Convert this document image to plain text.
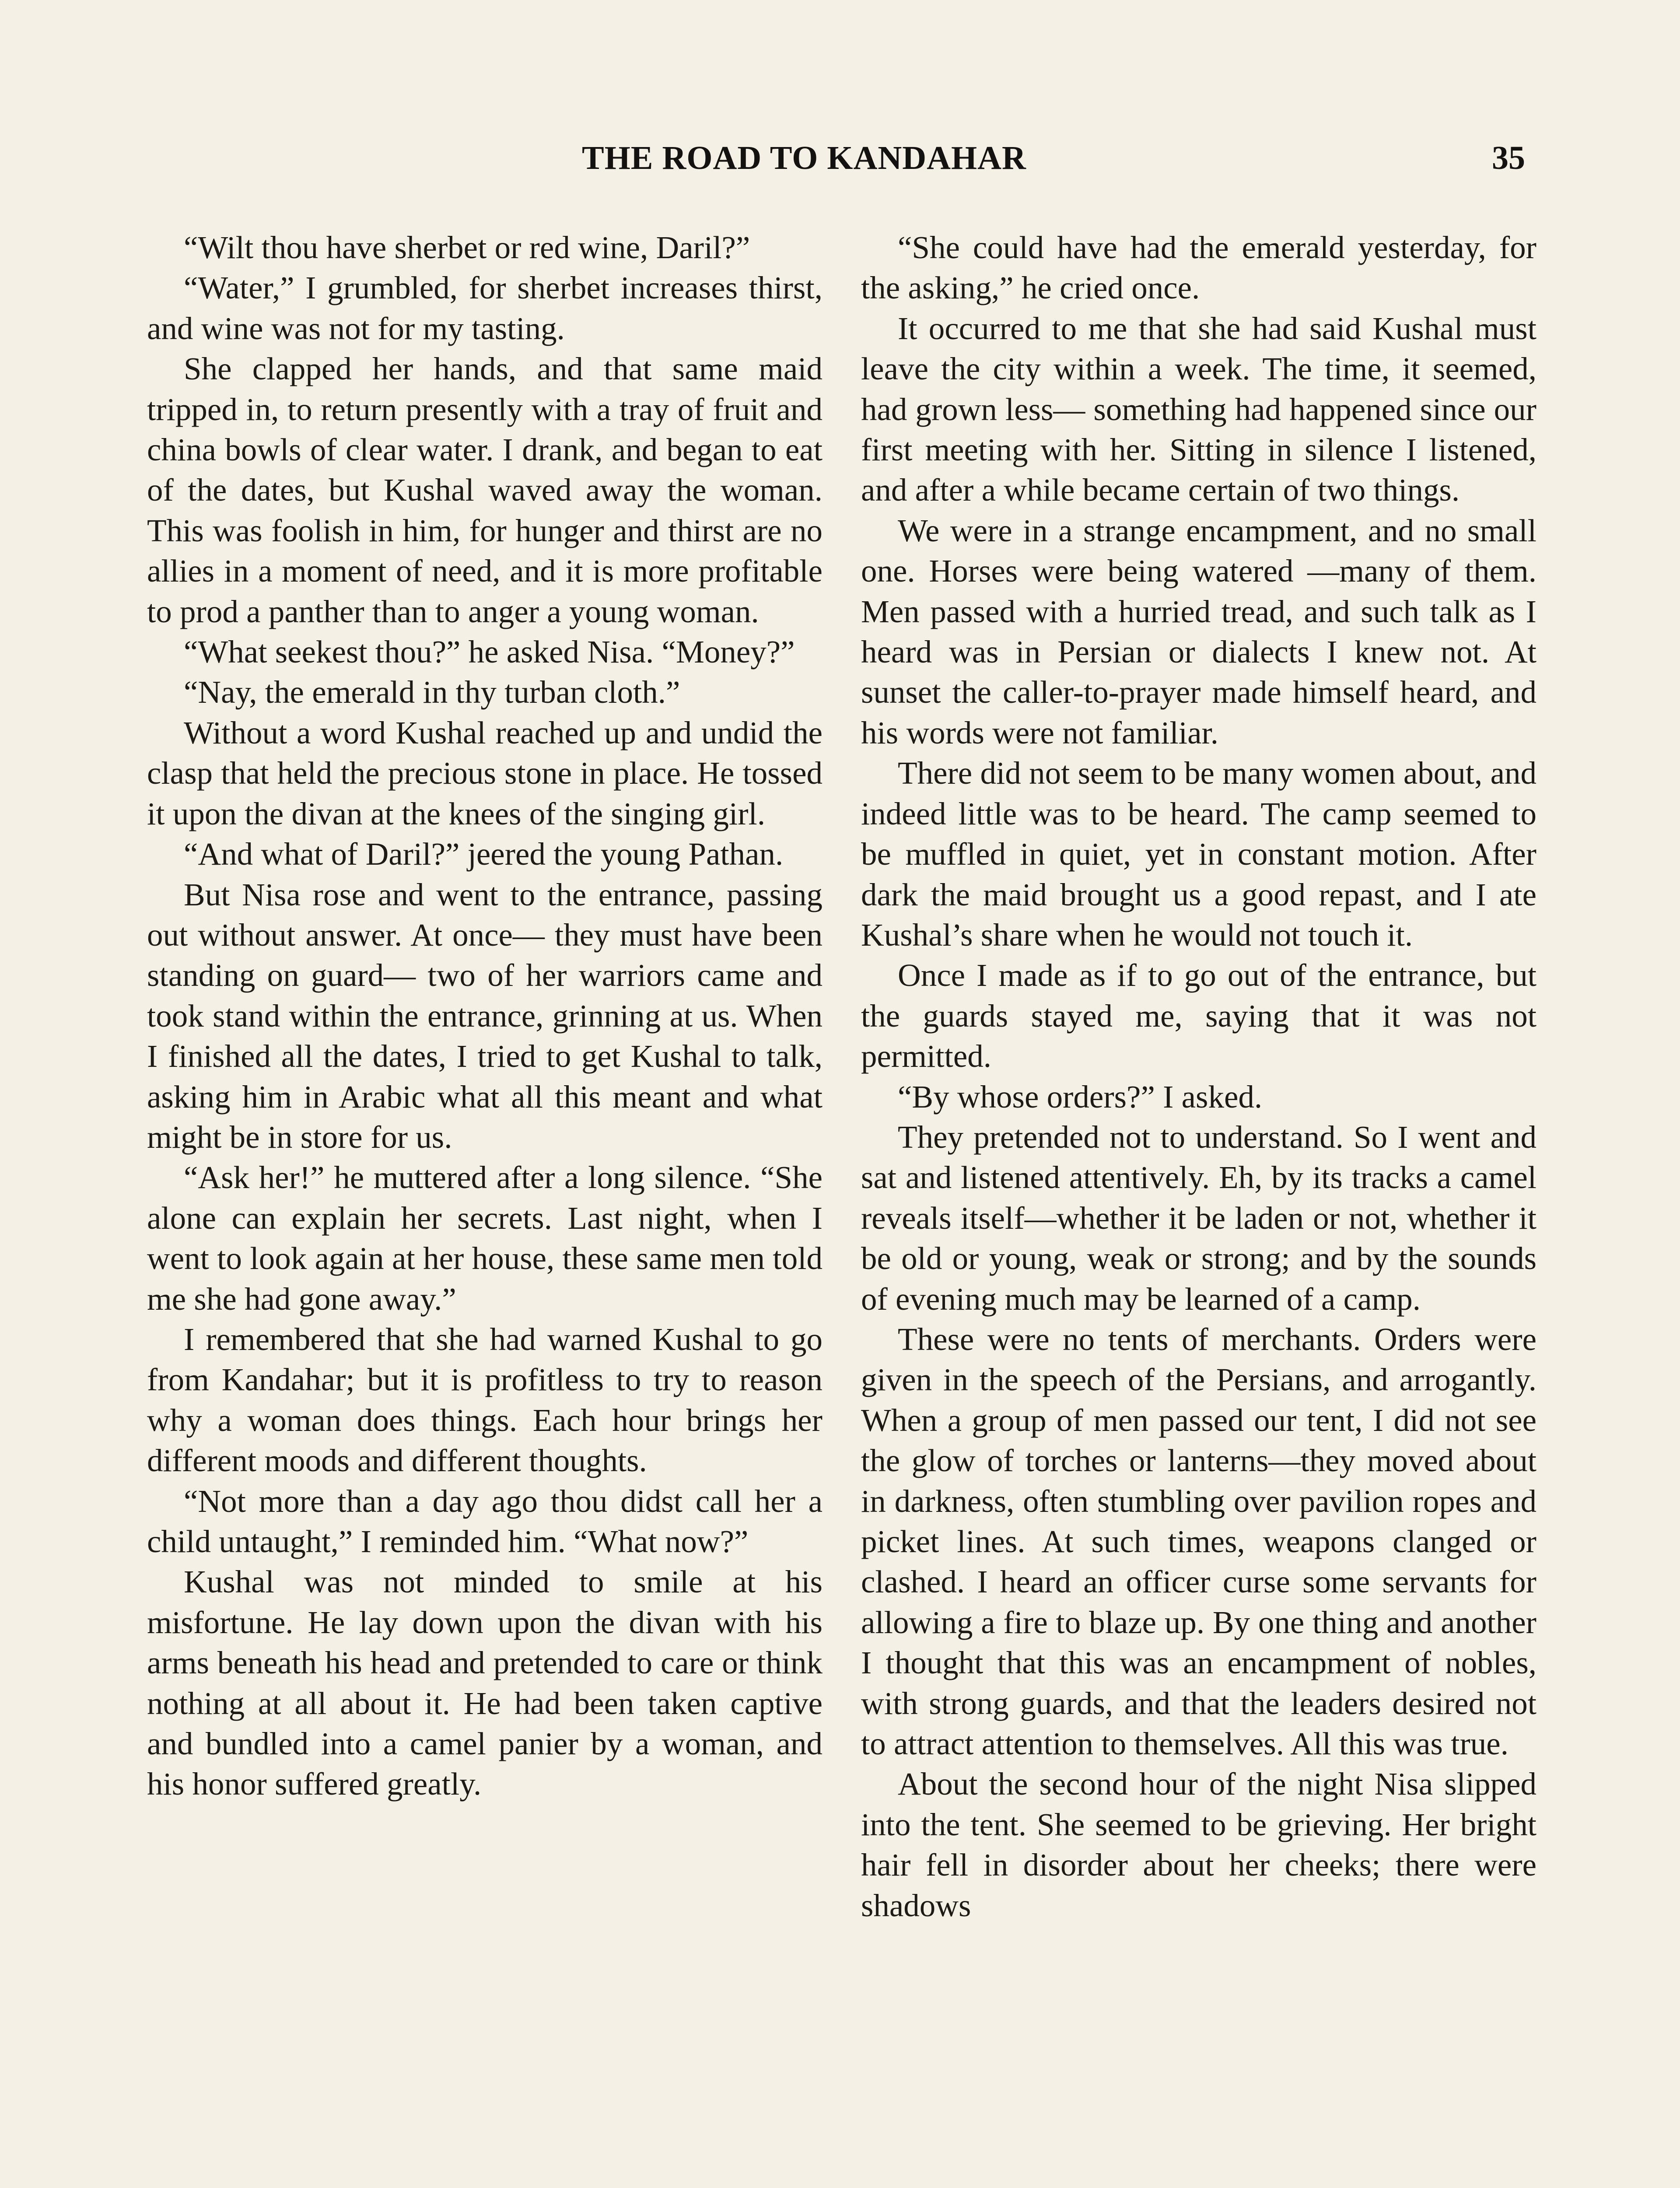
THE ROAD TO KANDAHAR	35

“Wilt thou have sherbet or red wine, Daril?”

“Water,” I grumbled, for sherbet increases thirst, and wine was not for my tasting.

She clapped her hands, and that same maid tripped in, to return presently with a tray of fruit and china bowls of clear water. I drank, and began to eat of the dates, but Kushal waved away the woman. This was foolish in him, for hunger and thirst are no allies in a moment of need, and it is more profitable to prod a panther than to anger a young woman.

“What seekest thou?” he asked Nisa. “Money?”

“Nay, the emerald in thy turban cloth.”

Without a word Kushal reached up and undid the clasp that held the precious stone in place. He tossed it upon the divan at the knees of the singing girl.

“And what of Daril?” jeered the young Pathan.

But Nisa rose and went to the entrance, passing out without answer. At once— they must have been standing on guard— two of her warriors came and took stand within the entrance, grinning at us. When I finished all the dates, I tried to get Kushal to talk, asking him in Arabic what all this meant and what might be in store for us.

“Ask her!” he muttered after a long silence. “She alone can explain her secrets. Last night, when I went to look again at her house, these same men told me she had gone away.”

I remembered that she had warned Kushal to go from Kandahar; but it is profitless to try to reason why a woman does things. Each hour brings her different moods and different thoughts.

“Not more than a day ago thou didst call her a child untaught,” I reminded him. “What now?”

Kushal was not minded to smile at his misfortune. He lay down upon the divan with his arms beneath his head and pretended to care or think nothing at all about it. He had been taken captive and bundled into a camel panier by a woman, and his honor suffered greatly.

“She could have had the emerald yesterday, for the asking,” he cried once.

It occurred to me that she had said Kushal must leave the city within a week. The time, it seemed, had grown less— something had happened since our first meeting with her. Sitting in silence I listened, and after a while became certain of two things.

We were in a strange encampment, and no small one. Horses were being watered —many of them. Men passed with a hurried tread, and such talk as I heard was in Persian or dialects I knew not. At sunset the caller-to-prayer made himself heard, and his words were not familiar.

There did not seem to be many women about, and indeed little was to be heard. The camp seemed to be muffled in quiet, yet in constant motion. After dark the maid brought us a good repast, and I ate Kushal’s share when he would not touch it.

Once I made as if to go out of the entrance, but the guards stayed me, saying that it was not permitted.

“By whose orders?” I asked.

They pretended not to understand. So I went and sat and listened attentively. Eh, by its tracks a camel reveals itself—whether it be laden or not, whether it be old or young, weak or strong; and by the sounds of evening much may be learned of a camp.

These were no tents of merchants. Orders were given in the speech of the Persians, and arrogantly. When a group of men passed our tent, I did not see the glow of torches or lanterns—they moved about in darkness, often stumbling over pavilion ropes and picket lines. At such times, weapons clanged or clashed. I heard an officer curse some servants for allowing a fire to blaze up. By one thing and another I thought that this was an encampment of nobles, with strong guards, and that the leaders desired not to attract attention to themselves. All this was true.

About the second hour of the night Nisa slipped into the tent. She seemed to be grieving. Her bright hair fell in disorder about her cheeks; there were shadows
